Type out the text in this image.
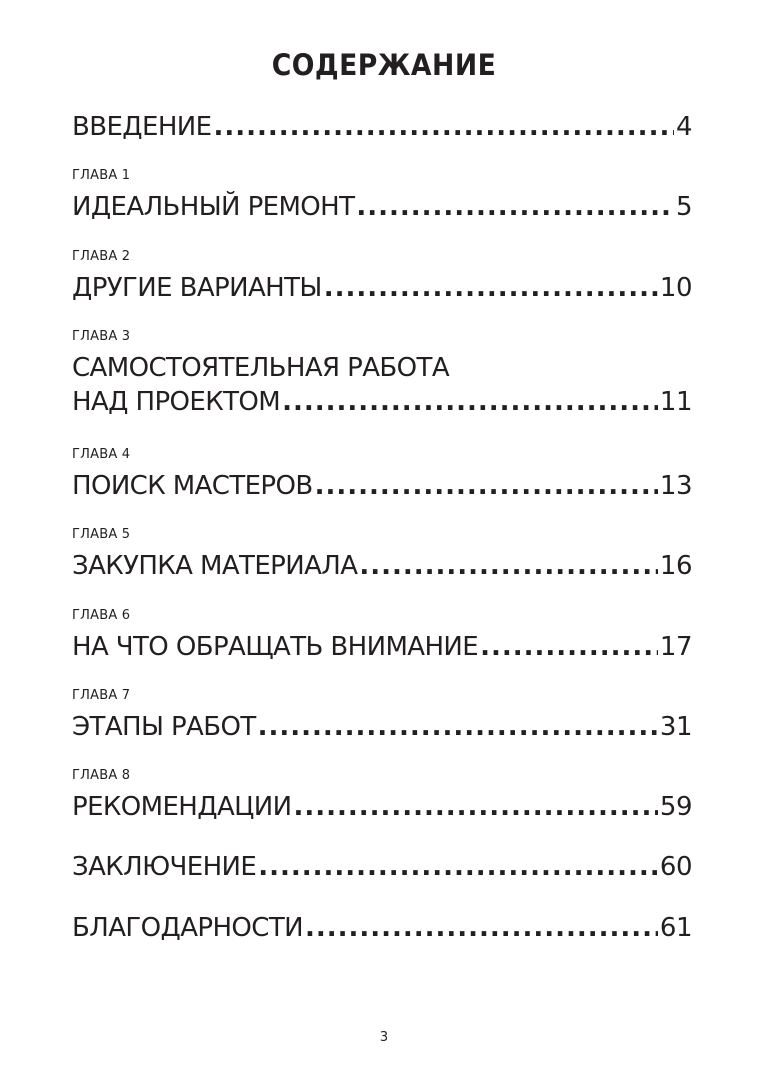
СОДЕРЖАНИЕ
ВВЕДЕНИЕ .....	4
ГЛАВА 1
ИДЕАЛЬНЫЙ РЕМОНТ .....	5
ГЛАВА 2
ДРУГИЕ ВАРИАНТЫ .....	10
ГЛАВА 3
САМОСТОЯТЕЛЬНАЯ РАБОТА
НАД ПРОЕКТОМ .....	11
ГЛАВА 4
ПОИСК МАСТЕРОВ .....	13
ГЛАВА 5
ЗАКУПКА МАТЕРИАЛА .....	16
ГЛАВА 6
НА ЧТО ОБРАЩАТЬ ВНИМАНИЕ .....	17
ГЛАВА 7
ЭТАПЫ РАБОТ .....	31
ГЛАВА 8
РЕКОМЕНДАЦИИ .....	59
ЗАКЛЮЧЕНИЕ .....	60
БЛАГОДАРНОСТИ .....	61
3
